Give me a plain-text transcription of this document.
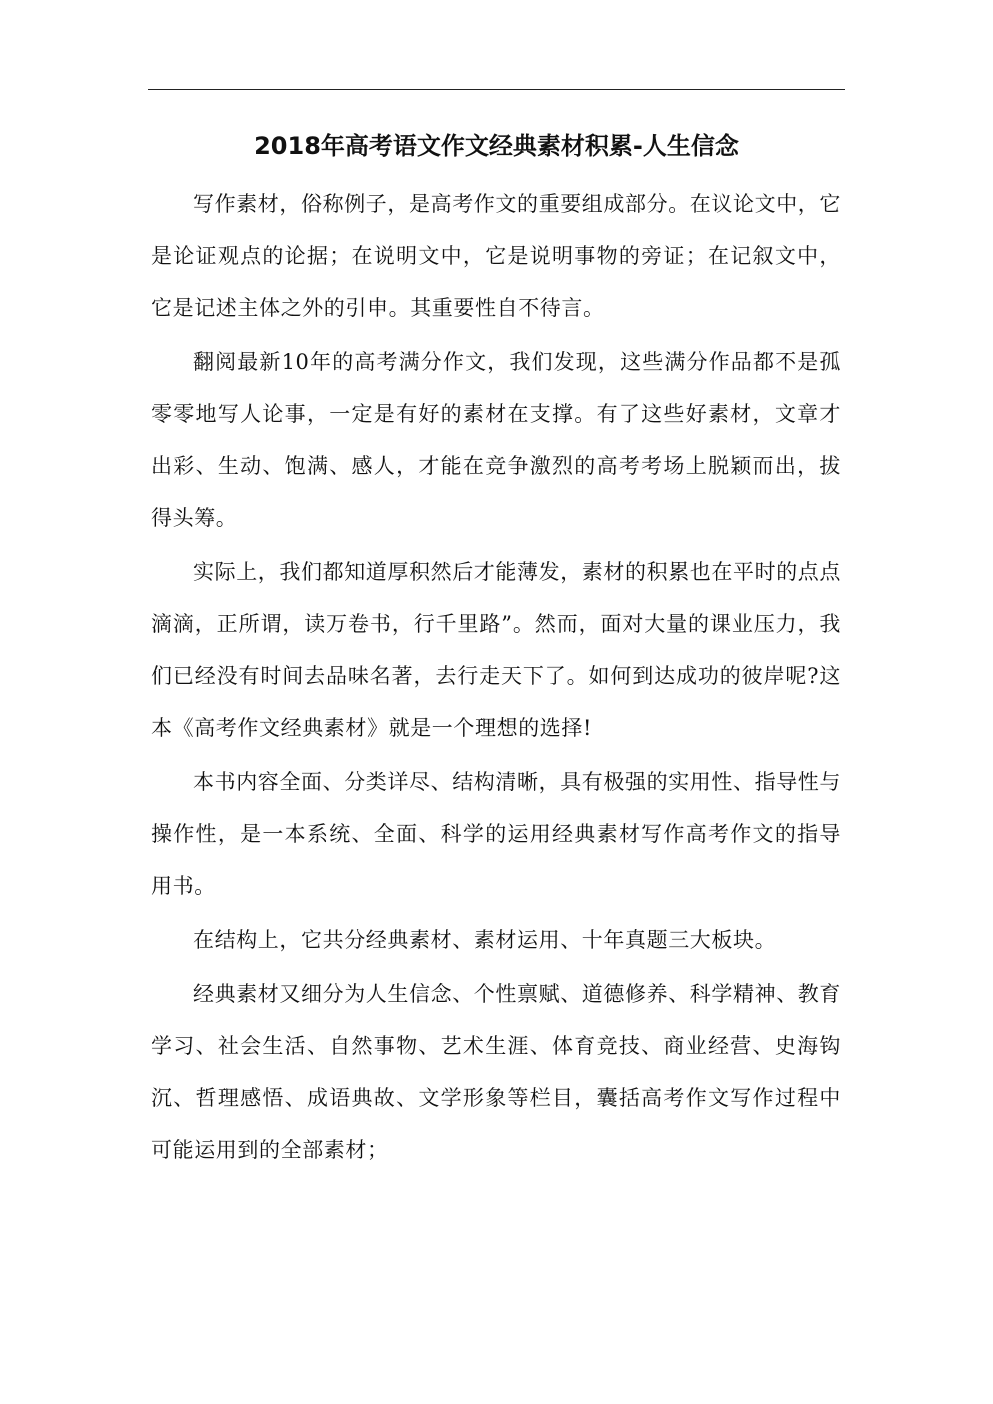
2018年高考语文作文经典素材积累-人生信念

写作素材，俗称例子，是高考作文的重要组成部分。在议论文中，它是论证观点的论据；在说明文中，它是说明事物的旁证；在记叙文中，它是记述主体之外的引申。其重要性自不待言。

翻阅最新10年的高考满分作文，我们发现，这些满分作品都不是孤零零地写人论事，一定是有好的素材在支撑。有了这些好素材，文章才出彩、生动、饱满、感人，才能在竞争激烈的高考考场上脱颖而出，拔得头筹。

实际上，我们都知道厚积然后才能薄发，素材的积累也在平时的点点滴滴，正所谓，读万卷书，行千里路”。然而，面对大量的课业压力，我们已经没有时间去品味名著，去行走天下了。如何到达成功的彼岸呢?这本《高考作文经典素材》就是一个理想的选择!

本书内容全面、分类详尽、结构清晰，具有极强的实用性、指导性与操作性，是一本系统、全面、科学的运用经典素材写作高考作文的指导用书。

在结构上，它共分经典素材、素材运用、十年真题三大板块。

经典素材又细分为人生信念、个性禀赋、道德修养、科学精神、教育学习、社会生活、自然事物、艺术生涯、体育竞技、商业经营、史海钩沉、哲理感悟、成语典故、文学形象等栏目，囊括高考作文写作过程中可能运用到的全部素材；
